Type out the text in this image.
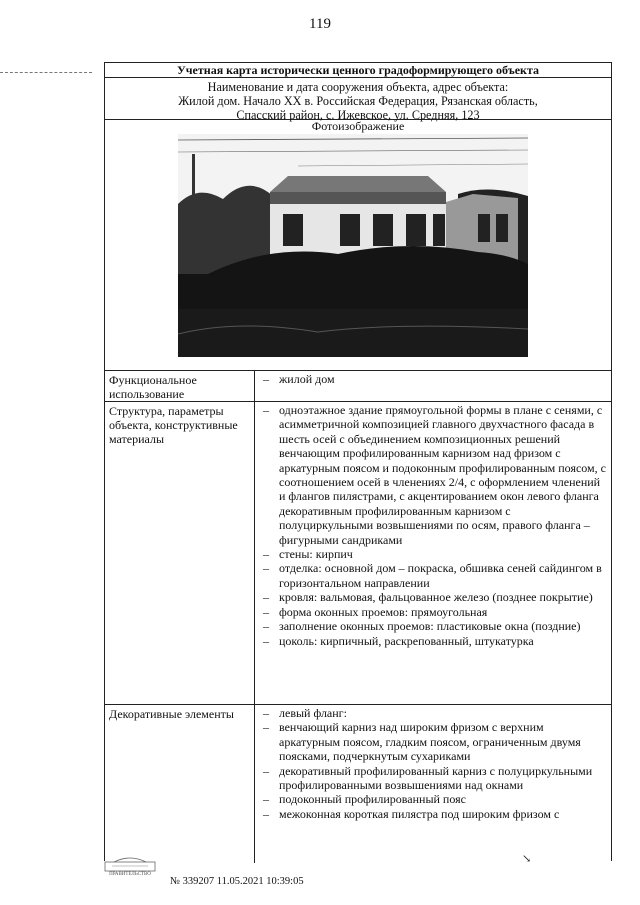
119
Учетная карта исторически ценного градоформирующего объекта
Наименование и дата сооружения объекта, адрес объекта:
Жилой дом. Начало XX в. Российская Федерация, Рязанская область,
Спасский район, с. Ижевское, ул. Средняя, 123
Фотоизображение
Функциональное использование
– жилой дом
Структура, параметры объекта, конструктивные материалы
– одноэтажное здание прямоугольной формы в плане с сенями, с асимметричной композицией главного двухчастного фасада в шесть осей с объединением композиционных решений венчающим профилированным карнизом над фризом с аркатурным поясом и подоконным профилированным поясом, с соотношением осей в членениях 2/4, с оформлением членений и флангов пилястрами, с акцентированием окон левого фланга декоративным профилированным карнизом с полуциркульными возвышениями по осям, правого фланга – фигурными сандриками
– стены: кирпич
– отделка: основной дом – покраска, обшивка сеней сайдингом в горизонтальном направлении
– кровля: вальмовая, фальцованное железо (позднее покрытие)
– форма оконных проемов: прямоугольная
– заполнение оконных проемов: пластиковые окна (поздние)
– цоколь: кирпичный, раскрепованный, штукатурка
Декоративные элементы
–	левый фланг:
– венчающий карниз над широким фризом с верхним аркатурным поясом, гладким поясом, ограниченным двумя поясками, подчеркнутым сухариками
– декоративный профилированный карниз с полуциркульными профилированными возвышениями над окнами
– подоконный профилированный пояс
– межоконная короткая пилястра под широким фризом с
ПРАВИТЕЛЬСТВО
№ 339207 11.05.2021 10:39:05
↘
